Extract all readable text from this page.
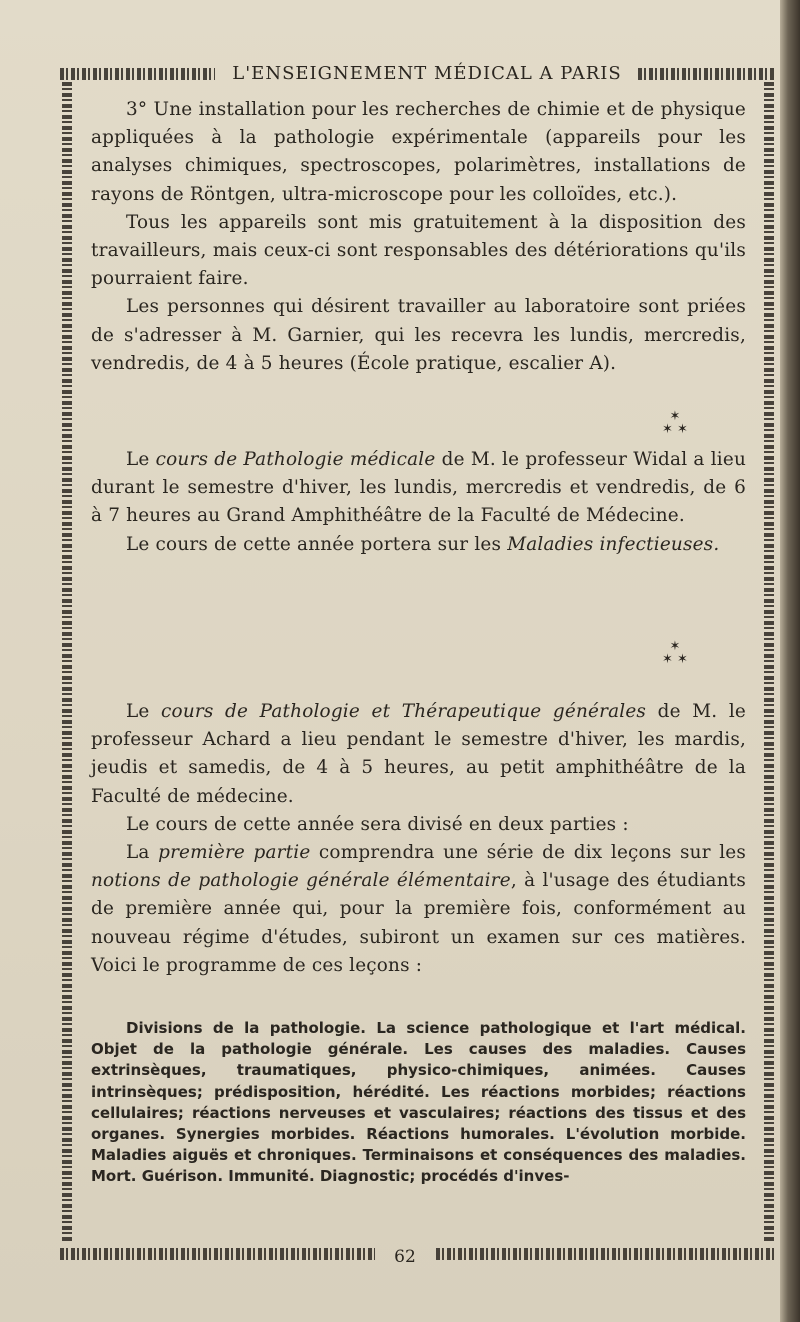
L'ENSEIGNEMENT MÉDICAL A PARIS

3° Une installation pour les recherches de chimie et de physique appliquées à la pathologie expérimentale (appareils pour les analyses chimiques, spectroscopes, polarimètres, installations de rayons de Röntgen, ultra-microscope pour les colloïdes, etc.).

Tous les appareils sont mis gratuitement à la disposition des travailleurs, mais ceux-ci sont responsables des détériorations qu'ils pourraient faire.

Les personnes qui désirent travailler au laboratoire sont priées de s'adresser à M. Garnier, qui les recevra les lundis, mercredis, vendredis, de 4 à 5 heures (École pratique, escalier A).

✶
✶ ✶

Le cours de Pathologie médicale de M. le professeur Widal a lieu durant le semestre d'hiver, les lundis, mercredis et vendredis, de 6 à 7 heures au Grand Amphithéâtre de la Faculté de Médecine.

Le cours de cette année portera sur les Maladies infectieuses.

✶
✶ ✶

Le cours de Pathologie et Thérapeutique générales de M. le professeur Achard a lieu pendant le semestre d'hiver, les mardis, jeudis et samedis, de 4 à 5 heures, au petit amphithéâtre de la Faculté de médecine.

Le cours de cette année sera divisé en deux parties :

La première partie comprendra une série de dix leçons sur les notions de pathologie générale élémentaire, à l'usage des étudiants de première année qui, pour la première fois, conformément au nouveau régime d'études, subiront un examen sur ces matières. Voici le programme de ces leçons :

Divisions de la pathologie. La science pathologique et l'art médical. Objet de la pathologie générale. Les causes des maladies. Causes extrinsèques, traumatiques, physico-chimiques, animées. Causes intrinsèques; prédisposition, hérédité. Les réactions morbides; réactions cellulaires; réactions nerveuses et vasculaires; réactions des tissus et des organes. Synergies morbides. Réactions humorales. L'évolution morbide. Maladies aiguës et chroniques. Terminaisons et conséquences des maladies. Mort. Guérison. Immunité. Diagnostic; procédés d'inves-

62
